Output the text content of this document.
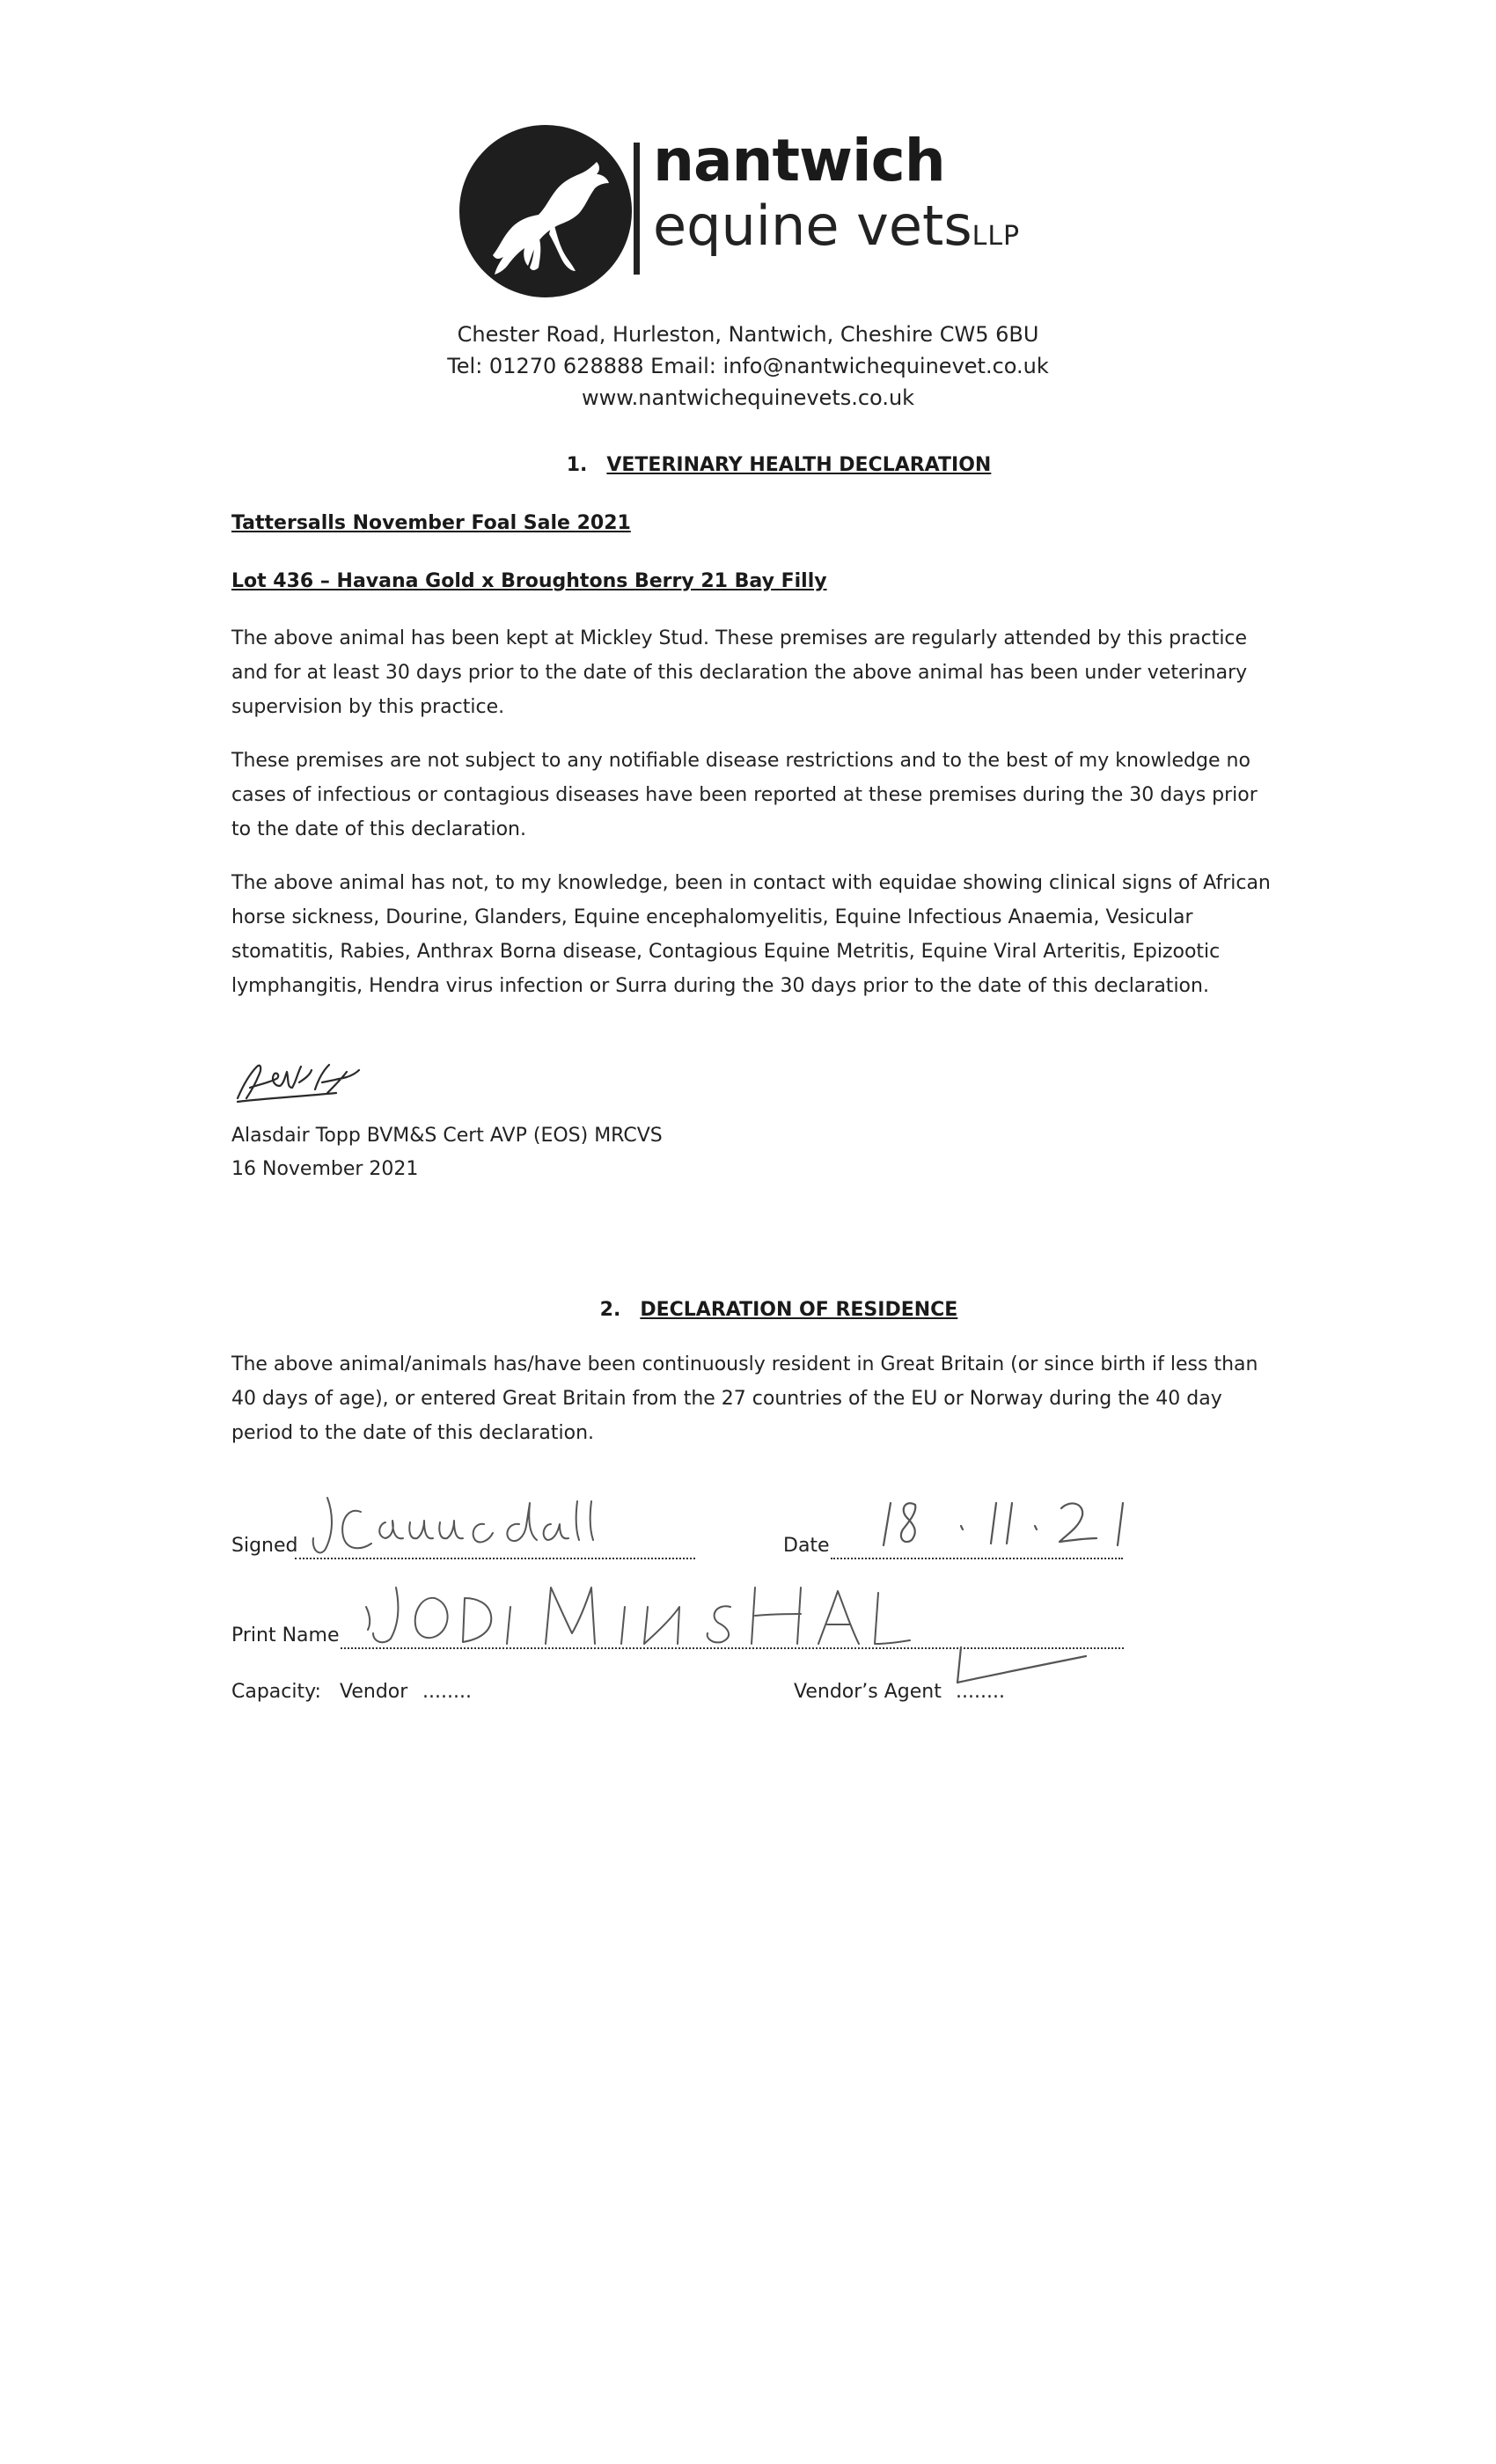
nantwich
equine vetsLLP
Chester Road, Hurleston, Nantwich, Cheshire CW5 6BU
Tel: 01270 628888 Email: info@nantwichequinevet.co.uk
www.nantwichequinevets.co.uk
1. VETERINARY HEALTH DECLARATION
Tattersalls November Foal Sale 2021
Lot 436 – Havana Gold x Broughtons Berry 21 Bay Filly

The above animal has been kept at Mickley Stud. These premises are regularly attended by this practice and for at least 30 days prior to the date of this declaration the above animal has been under veterinary supervision by this practice.

These premises are not subject to any notifiable disease restrictions and to the best of my knowledge no cases of infectious or contagious diseases have been reported at these premises during the 30 days prior to the date of this declaration.

The above animal has not, to my knowledge, been in contact with equidae showing clinical signs of African horse sickness, Dourine, Glanders, Equine encephalomyelitis, Equine Infectious Anaemia, Vesicular stomatitis, Rabies, Anthrax Borna disease, Contagious Equine Metritis, Equine Viral Arteritis, Epizootic lymphangitis, Hendra virus infection or Surra during the 30 days prior to the date of this declaration.

Alasdair Topp BVM&S Cert AVP (EOS) MRCVS
16 November 2021
2. DECLARATION OF RESIDENCE

The above animal/animals has/have been continuously resident in Great Britain (or since birth if less than 40 days of age), or entered Great Britain from the 27 countries of the EU or Norway during the 40 day period to the date of this declaration.

Signed	Date
Print Name
Capacity: Vendor ........	Vendor’s Agent ........
